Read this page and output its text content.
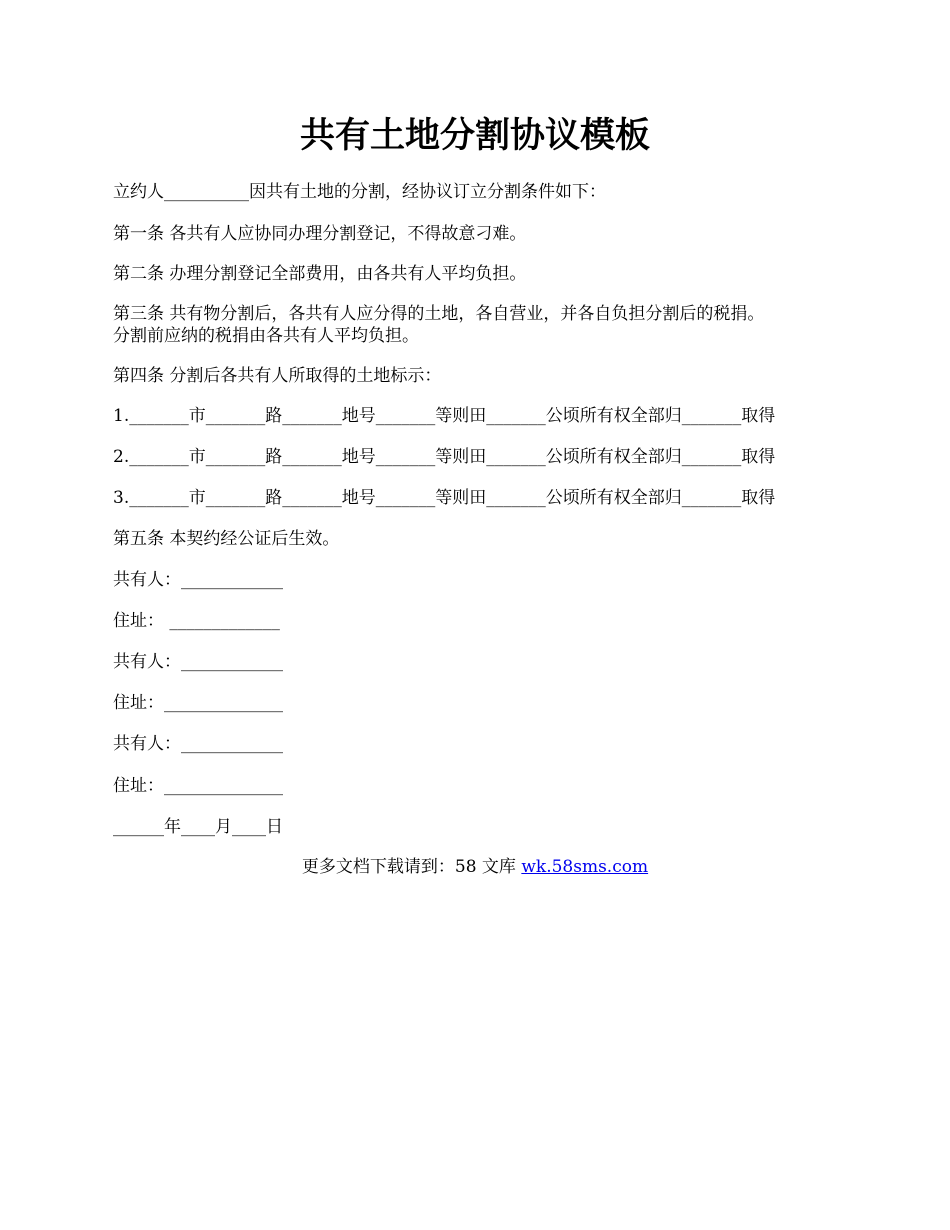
共有土地分割协议模板

立约人__________因共有土地的分割，经协议订立分割条件如下：

第一条 各共有人应协同办理分割登记，不得故意刁难。

第二条 办理分割登记全部费用，由各共有人平均负担。

第三条 共有物分割后，各共有人应分得的土地，各自营业，并各自负担分割后的税捐。

分割前应纳的税捐由各共有人平均负担。

第四条 分割后各共有人所取得的土地标示：

1._______市_______路_______地号_______等则田_______公顷所有权全部归_______取得

2._______市_______路_______地号_______等则田_______公顷所有权全部归_______取得

3._______市_______路_______地号_______等则田_______公顷所有权全部归_______取得

第五条 本契约经公证后生效。

共有人：____________

住址： _____________

共有人：____________

住址：______________

共有人：____________

住址：______________

______年____月____日

更多文档下载请到：58 文库 wk.58sms.com
